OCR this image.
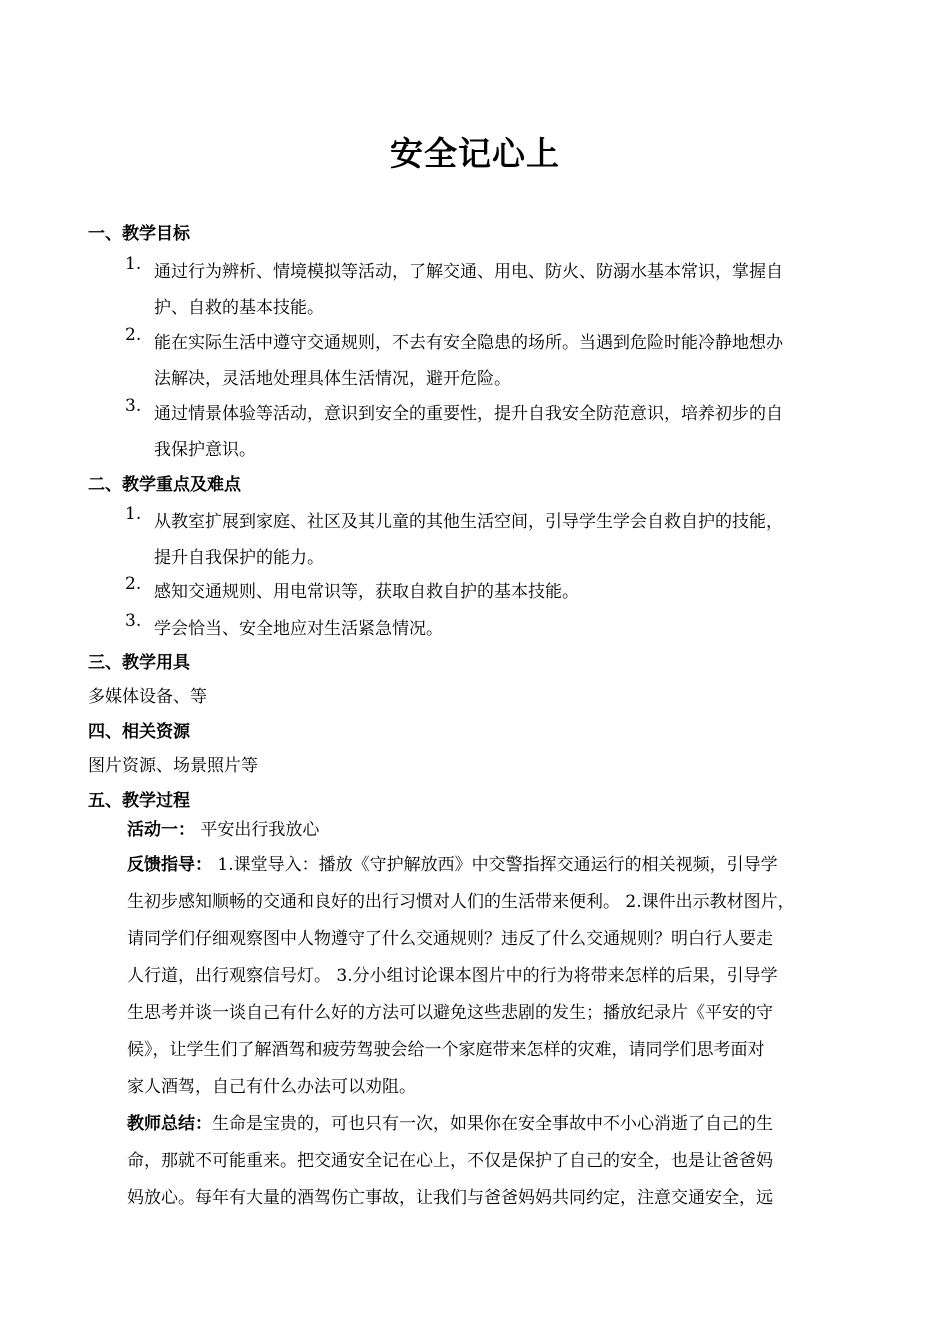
安全记心上
一、教学目标
1. 通过行为辨析、情境模拟等活动，了解交通、用电、防火、防溺水基本常识，掌握自
护、自救的基本技能。
2. 能在实际生活中遵守交通规则，不去有安全隐患的场所。当遇到危险时能冷静地想办
法解决，灵活地处理具体生活情况，避开危险。
3. 通过情景体验等活动，意识到安全的重要性，提升自我安全防范意识，培养初步的自
我保护意识。
二、教学重点及难点
1. 从教室扩展到家庭、社区及其儿童的其他生活空间，引导学生学会自救自护的技能，
提升自我保护的能力。
2. 感知交通规则、用电常识等，获取自救自护的基本技能。
3. 学会恰当、安全地应对生活紧急情况。
三、教学用具
多媒体设备、等
四、相关资源
图片资源、场景照片等
五、教学过程
活动一： 平安出行我放心
反馈指导： 1.课堂导入：播放《守护解放西》中交警指挥交通运行的相关视频，引导学
生初步感知顺畅的交通和良好的出行习惯对人们的生活带来便利。 2.课件出示教材图片，
请同学们仔细观察图中人物遵守了什么交通规则？违反了什么交通规则？明白行人要走
人行道，出行观察信号灯。 3.分小组讨论课本图片中的行为将带来怎样的后果，引导学
生思考并谈一谈自己有什么好的方法可以避免这些悲剧的发生；播放纪录片《平安的守
候》，让学生们了解酒驾和疲劳驾驶会给一个家庭带来怎样的灾难，请同学们思考面对
家人酒驾，自己有什么办法可以劝阻。
教师总结：生命是宝贵的，可也只有一次，如果你在安全事故中不小心消逝了自己的生
命，那就不可能重来。把交通安全记在心上，不仅是保护了自己的安全，也是让爸爸妈
妈放心。每年有大量的酒驾伤亡事故，让我们与爸爸妈妈共同约定，注意交通安全，远
